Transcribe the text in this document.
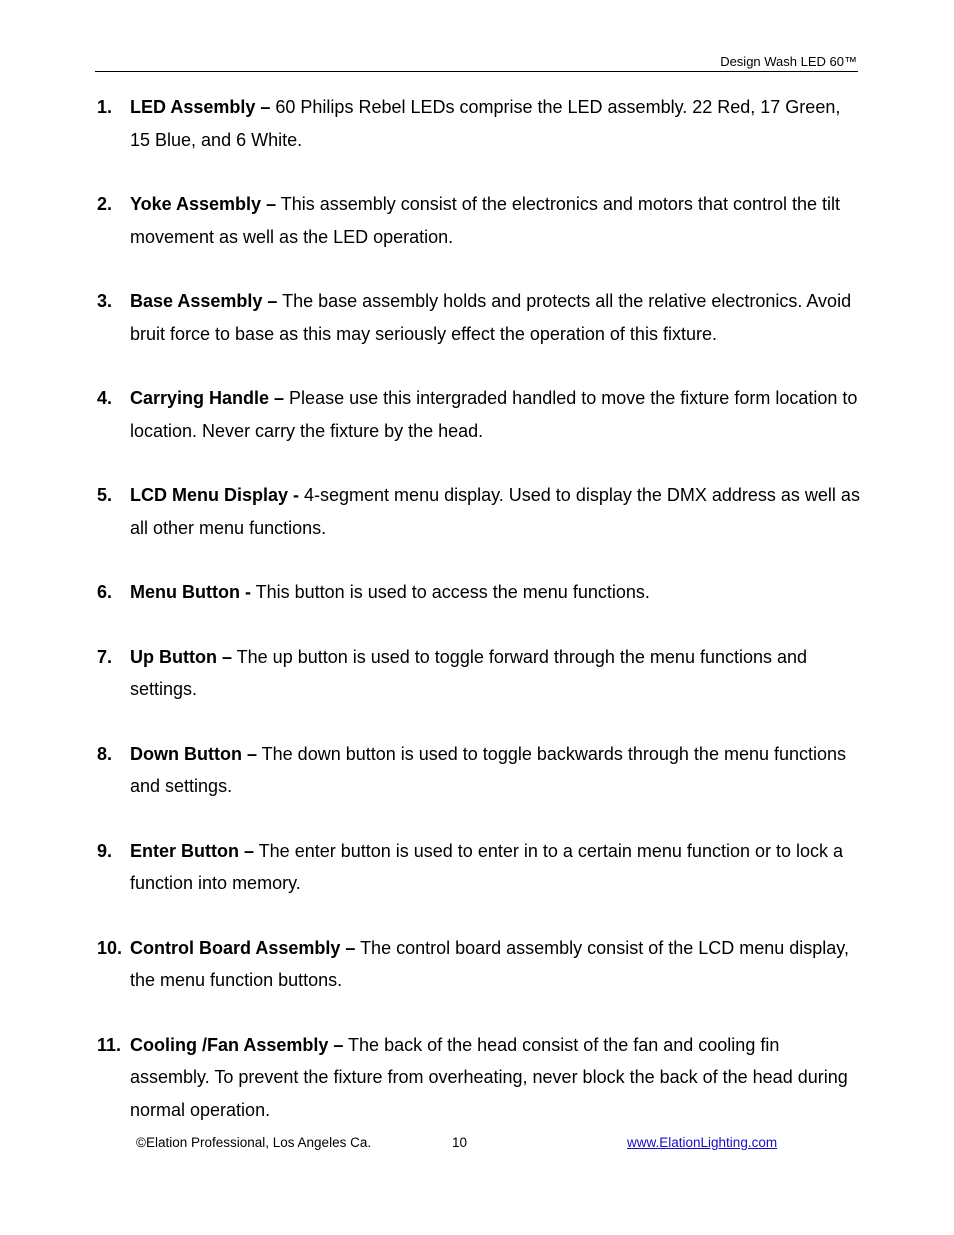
Design Wash LED 60™
1. LED Assembly – 60 Philips Rebel LEDs comprise the LED assembly. 22 Red, 17 Green, 15 Blue, and 6 White.
2. Yoke Assembly – This assembly consist of the electronics and motors that control the tilt movement as well as the LED operation.
3. Base Assembly – The base assembly holds and protects all the relative electronics. Avoid bruit force to base as this may seriously effect the operation of this fixture.
4. Carrying Handle – Please use this intergraded handled to move the fixture form location to location. Never carry the fixture by the head.
5. LCD Menu Display - 4-segment menu display. Used to display the DMX address as well as all other menu functions.
6. Menu Button - This button is used to access the menu functions.
7. Up Button – The up button is used to toggle forward through the menu functions and settings.
8. Down Button – The down button is used to toggle backwards through the menu functions and settings.
9. Enter Button – The enter button is used to enter in to a certain menu function or to lock a function into memory.
10. Control Board Assembly – The control board assembly consist of the LCD menu display, the menu function buttons.
11. Cooling /Fan Assembly – The back of the head consist of the fan and cooling fin assembly. To prevent the fixture from overheating, never block the back of the head during normal operation.
©Elation Professional, Los Angeles Ca.	10	www.ElationLighting.com
